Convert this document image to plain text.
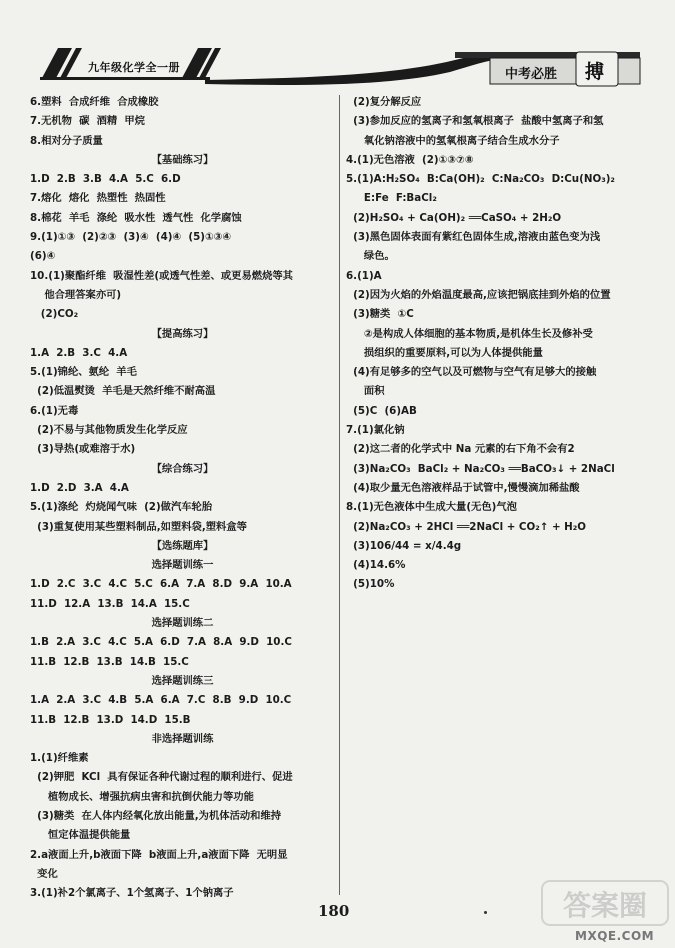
九年级化学全一册	中考必胜 搏
6.塑料  合成纤维  合成橡胶
7.无机物  碳  酒精  甲烷
8.相对分子质量
【基础练习】
1.D  2.B  3.B  4.A  5.C  6.D
7.熔化  熔化  热塑性  热固性
8.棉花  羊毛  涤纶  吸水性  透气性  化学腐蚀
9.(1)①③  (2)②③  (3)④  (4)④  (5)①③④
(6)④
10.(1)聚酯纤维  吸湿性差(或透气性差、或更易燃烧等其
他合理答案亦可)
(2)CO₂
【提高练习】
1.A  2.B  3.C  4.A
5.(1)锦纶、氨纶  羊毛
(2)低温熨烫  羊毛是天然纤维不耐高温
6.(1)无毒
(2)不易与其他物质发生化学反应
(3)导热(或难溶于水)
【综合练习】
1.D  2.D  3.A  4.A
5.(1)涤纶  灼烧闻气味  (2)做汽车轮胎
(3)重复使用某些塑料制品,如塑料袋,塑料盒等
【选练题库】
选择题训练一
1.D  2.C  3.C  4.C  5.C  6.A  7.A  8.D  9.A  10.A
11.D  12.A  13.B  14.A  15.C
选择题训练二
1.B  2.A  3.C  4.C  5.A  6.D  7.A  8.A  9.D  10.C
11.B  12.B  13.B  14.B  15.C
选择题训练三
1.A  2.A  3.C  4.B  5.A  6.A  7.C  8.B  9.D  10.C
11.B  12.B  13.D  14.D  15.B
非选择题训练
1.(1)纤维素
(2)钾肥  KCl  具有保证各种代谢过程的顺利进行、促进
植物成长、增强抗病虫害和抗倒伏能力等功能
(3)糖类  在人体内经氧化放出能量,为机体活动和维持
恒定体温提供能量
2.a液面上升,b液面下降  b液面上升,a液面下降  无明显
变化
3.(1)补2个氯离子、1个氢离子、1个钠离子
(2)复分解反应
(3)参加反应的氢离子和氢氧根离子  盐酸中氢离子和氢
氧化钠溶液中的氢氧根离子结合生成水分子
4.(1)无色溶液  (2)①③⑦⑧
5.(1)A:H₂SO₄  B:Ca(OH)₂  C:Na₂CO₃  D:Cu(NO₃)₂
E:Fe  F:BaCl₂
(2)H₂SO₄ + Ca(OH)₂ ══CaSO₄ + 2H₂O
(3)黑色固体表面有紫红色固体生成,溶液由蓝色变为浅
绿色。
6.(1)A
(2)因为火焰的外焰温度最高,应该把锅底挂到外焰的位置
(3)糖类  ①C
②是构成人体细胞的基本物质,是机体生长及修补受
损组织的重要原料,可以为人体提供能量
(4)有足够多的空气以及可燃物与空气有足够大的接触
面积
(5)C  (6)AB
7.(1)氯化钠
(2)这二者的化学式中 Na 元素的右下角不会有2
(3)Na₂CO₃  BaCl₂ + Na₂CO₃ ══BaCO₃↓ + 2NaCl
(4)取少量无色溶液样品于试管中,慢慢滴加稀盐酸
8.(1)无色液体中生成大量(无色)气泡
(2)Na₂CO₃ + 2HCl ══2NaCl + CO₂↑ + H₂O
(3)106/44 = x/4.4g
(4)14.6%
(5)10%
180	答案圈
MXQE.COM
